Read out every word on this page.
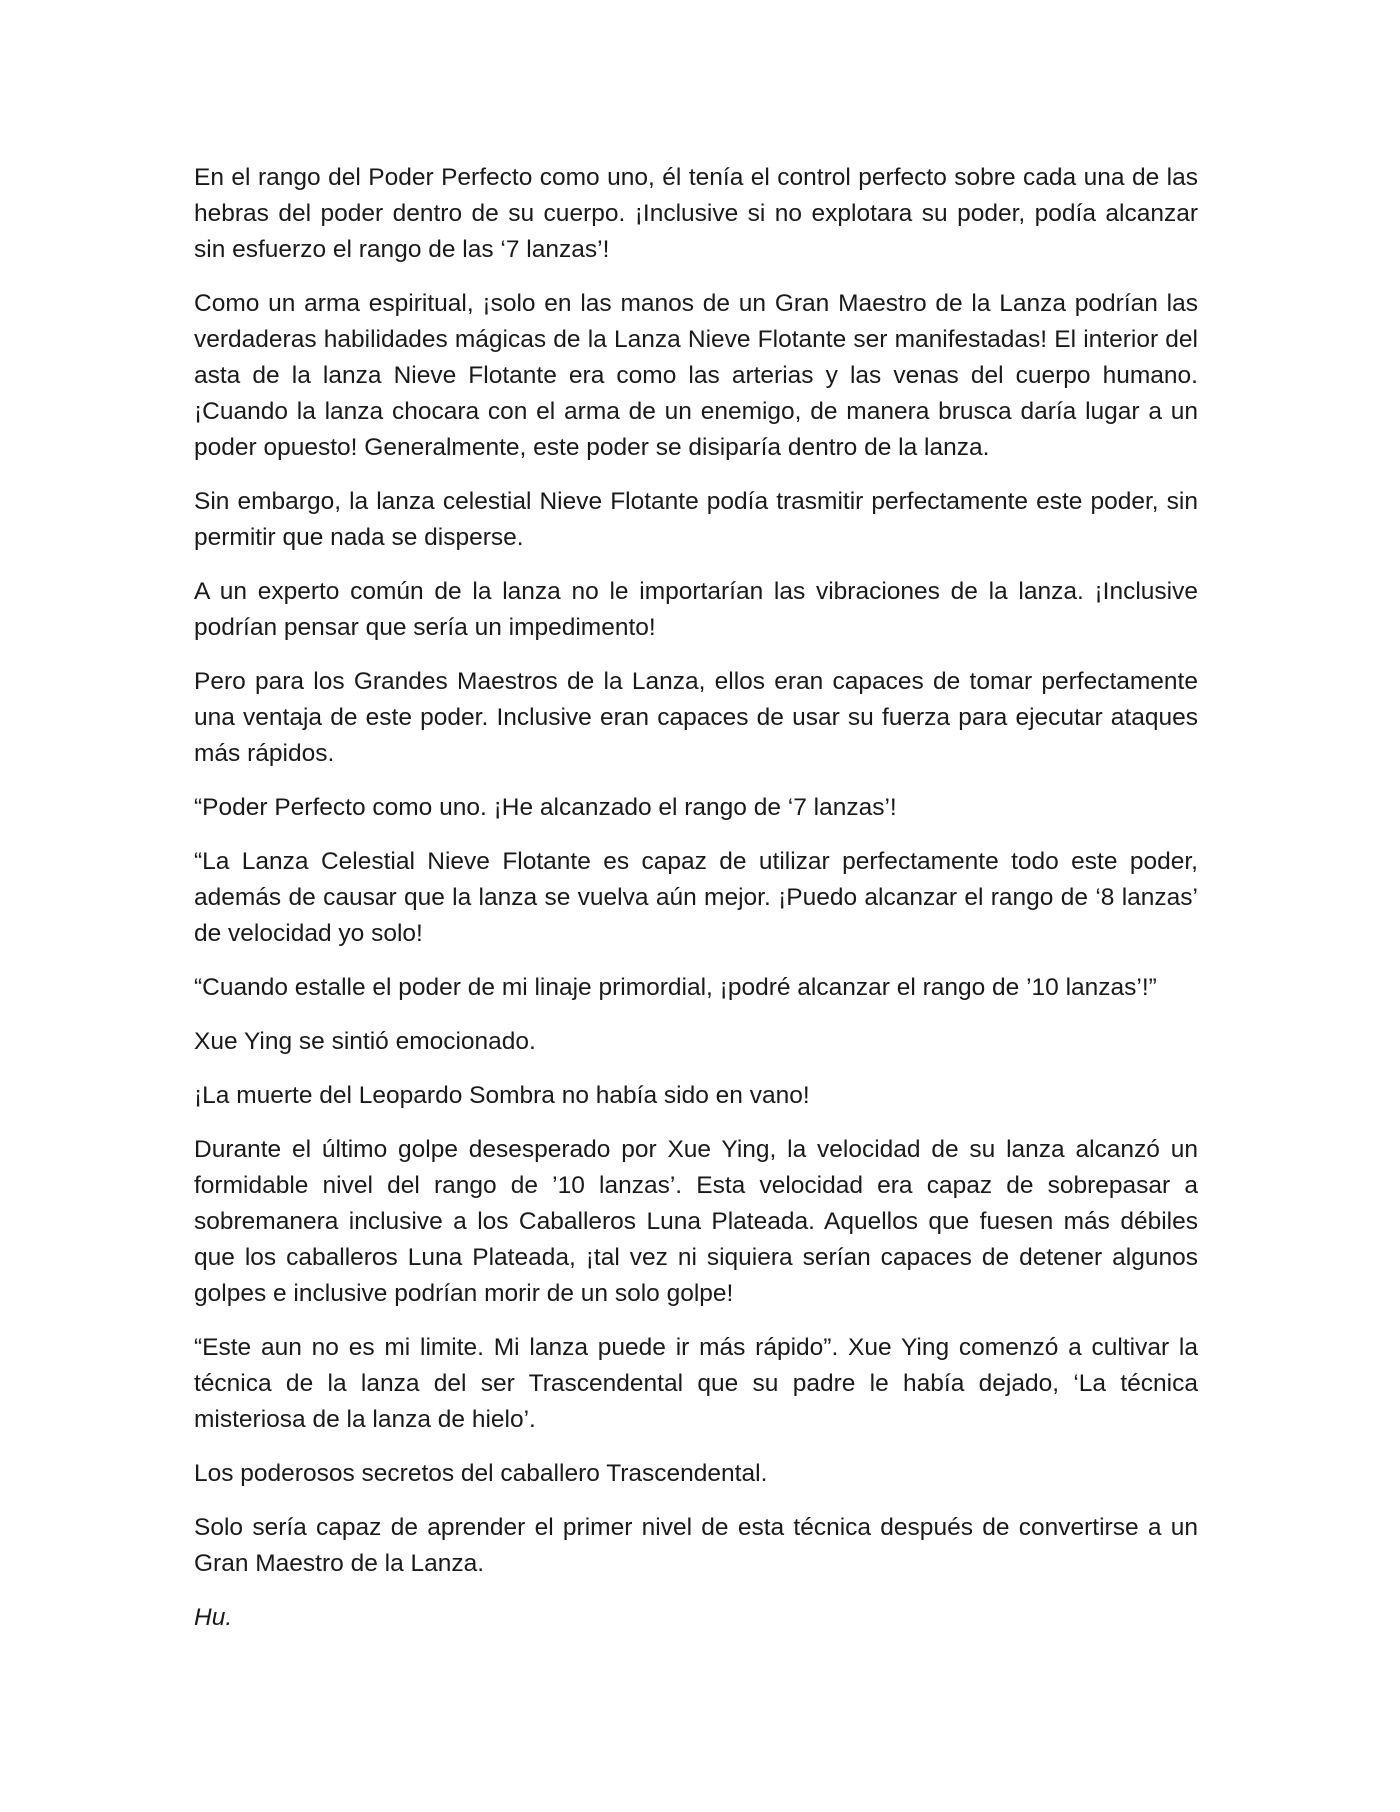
En el rango del Poder Perfecto como uno, él tenía el control perfecto sobre cada una de las hebras del poder dentro de su cuerpo. ¡Inclusive si no explotara su poder, podía alcanzar sin esfuerzo el rango de las ‘7 lanzas’!

Como un arma espiritual, ¡solo en las manos de un Gran Maestro de la Lanza podrían las verdaderas habilidades mágicas de la Lanza Nieve Flotante ser manifestadas! El interior del asta de la lanza Nieve Flotante era como las arterias y las venas del cuerpo humano. ¡Cuando la lanza chocara con el arma de un enemigo, de manera brusca daría lugar a un poder opuesto! Generalmente, este poder se disiparía dentro de la lanza.

Sin embargo, la lanza celestial Nieve Flotante podía trasmitir perfectamente este poder, sin permitir que nada se disperse.

A un experto común de la lanza no le importarían las vibraciones de la lanza. ¡Inclusive podrían pensar que sería un impedimento!

Pero para los Grandes Maestros de la Lanza, ellos eran capaces de tomar perfectamente una ventaja de este poder. Inclusive eran capaces de usar su fuerza para ejecutar ataques más rápidos.

“Poder Perfecto como uno. ¡He alcanzado el rango de ‘7 lanzas’!

“La Lanza Celestial Nieve Flotante es capaz de utilizar perfectamente todo este poder, además de causar que la lanza se vuelva aún mejor. ¡Puedo alcanzar el rango de ‘8 lanzas’ de velocidad yo solo!

“Cuando estalle el poder de mi linaje primordial, ¡podré alcanzar el rango de ’10 lanzas’!”

Xue Ying se sintió emocionado.

¡La muerte del Leopardo Sombra no había sido en vano!

Durante el último golpe desesperado por Xue Ying, la velocidad de su lanza alcanzó un formidable nivel del rango de ’10 lanzas’. Esta velocidad era capaz de sobrepasar a sobremanera inclusive a los Caballeros Luna Plateada. Aquellos que fuesen más débiles que los caballeros Luna Plateada, ¡tal vez ni siquiera serían capaces de detener algunos golpes e inclusive podrían morir de un solo golpe!

“Este aun no es mi limite. Mi lanza puede ir más rápido”. Xue Ying comenzó a cultivar la técnica de la lanza del ser Trascendental que su padre le había dejado, ‘La técnica misteriosa de la lanza de hielo’.

Los poderosos secretos del caballero Trascendental.

Solo sería capaz de aprender el primer nivel de esta técnica después de convertirse a un Gran Maestro de la Lanza.

Hu.
